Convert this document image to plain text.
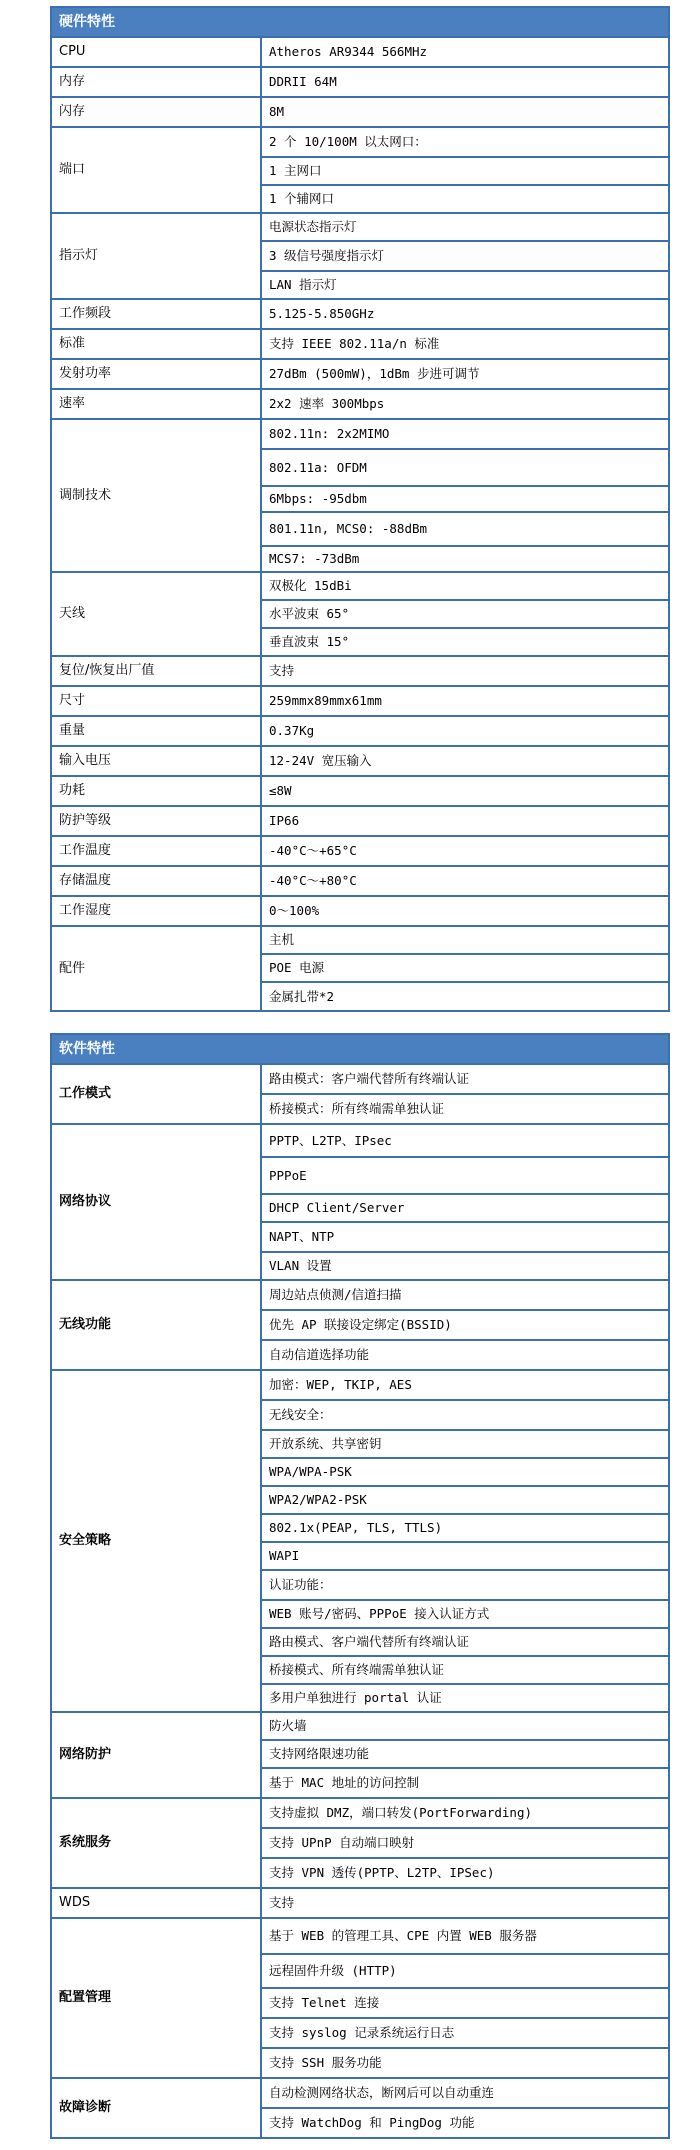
硬件特性	
CPU	Atheros AR9344 566MHz
内存	DDRII 64M
闪存	8M
端口	2 个 10/100M 以太网口：
	1 主网口
	1 个辅网口
指示灯	电源状态指示灯
	3 级信号强度指示灯
	LAN 指示灯
工作频段	5.125-5.850GHz
标准	支持 IEEE 802.11a/n 标准
发射功率	27dBm (500mW)，1dBm 步进可调节
速率	2x2 速率 300Mbps
调制技术	802.11n: 2x2MIMO
	802.11a: OFDM
	6Mbps: -95dbm
	801.11n, MCS0: -88dBm
	MCS7: -73dBm
天线	双极化 15dBi
	水平波束 65°
	垂直波束 15°
复位/恢复出厂值	支持
尺寸	259mmx89mmx61mm
重量	0.37Kg
输入电压	12-24V 宽压输入
功耗	≤8W
防护等级	IP66
工作温度	-40°C～+65°C
存储温度	-40°C～+80°C
工作湿度	0～100%
配件	主机
	POE 电源
	金属扎带*2
软件特性	
工作模式	路由模式：客户端代替所有终端认证
	桥接模式：所有终端需单独认证
网络协议	PPTP、L2TP、IPsec
	PPPoE
	DHCP Client/Server
	NAPT、NTP
	VLAN 设置
无线功能	周边站点侦测/信道扫描
	优先 AP 联接设定绑定(BSSID)
	自动信道选择功能
安全策略	加密：WEP, TKIP, AES
	无线安全：
	开放系统、共享密钥
	WPA/WPA-PSK
	WPA2/WPA2-PSK
	802.1x(PEAP, TLS, TTLS)
	WAPI
	认证功能：
	WEB 账号/密码、PPPoE 接入认证方式
	路由模式、客户端代替所有终端认证
	桥接模式、所有终端需单独认证
	多用户单独进行 portal 认证
网络防护	防火墙
	支持网络限速功能
	基于 MAC 地址的访问控制
系统服务	支持虚拟 DMZ，端口转发(PortForwarding)
	支持 UPnP 自动端口映射
	支持 VPN 透传(PPTP、L2TP、IPSec)
WDS	支持
配置管理	基于 WEB 的管理工具、CPE 内置 WEB 服务器
	远程固件升级 (HTTP)
	支持 Telnet 连接
	支持 syslog 记录系统运行日志
	支持 SSH 服务功能
故障诊断	自动检测网络状态，断网后可以自动重连
	支持 WatchDog 和 PingDog 功能
